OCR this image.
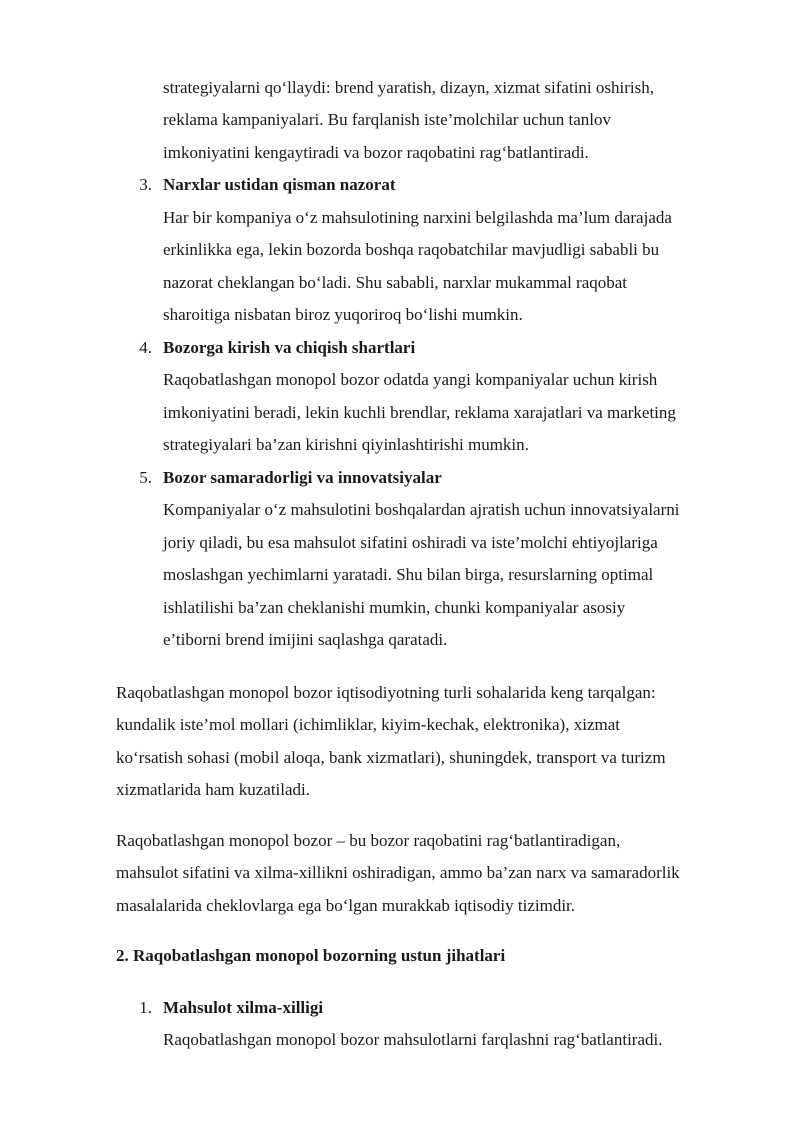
strategiyalarni qo‘llaydi: brend yaratish, dizayn, xizmat sifatini oshirish,
reklama kampaniyalari. Bu farqlanish iste’molchilar uchun tanlov
imkoniyatini kengaytiradi va bozor raqobatini rag‘batlantiradi.
3. Narxlar ustidan qisman nazorat
Har bir kompaniya o‘z mahsulotining narxini belgilashda ma’lum darajada
erkinlikka ega, lekin bozorda boshqa raqobatchilar mavjudligi sababli bu
nazorat cheklangan bo‘ladi. Shu sababli, narxlar mukammal raqobat
sharoitiga nisbatan biroz yuqoriroq bo‘lishi mumkin.
4. Bozorga kirish va chiqish shartlari
Raqobatlashgan monopol bozor odatda yangi kompaniyalar uchun kirish
imkoniyatini beradi, lekin kuchli brendlar, reklama xarajatlari va marketing
strategiyalari ba’zan kirishni qiyinlashtirishi mumkin.
5. Bozor samaradorligi va innovatsiyalar
Kompaniyalar o‘z mahsulotini boshqalardan ajratish uchun innovatsiyalarni
joriy qiladi, bu esa mahsulot sifatini oshiradi va iste’molchi ehtiyojlariga
moslashgan yechimlarni yaratadi. Shu bilan birga, resurslarning optimal
ishlatilishi ba’zan cheklanishi mumkin, chunki kompaniyalar asosiy
e’tiborni brend imijini saqlashga qaratadi.
Raqobatlashgan monopol bozor iqtisodiyotning turli sohalarida keng tarqalgan:
kundalik iste’mol mollari (ichimliklar, kiyim-kechak, elektronika), xizmat
ko‘rsatish sohasi (mobil aloqa, bank xizmatlari), shuningdek, transport va turizm
xizmatlarida ham kuzatiladi.
Raqobatlashgan monopol bozor – bu bozor raqobatini rag‘batlantiradigan,
mahsulot sifatini va xilma-xillikni oshiradigan, ammo ba’zan narx va samaradorlik
masalalarida cheklovlarga ega bo‘lgan murakkab iqtisodiy tizimdir.
2. Raqobatlashgan monopol bozorning ustun jihatlari
1. Mahsulot xilma-xilligi
Raqobatlashgan monopol bozor mahsulotlarni farqlashni rag‘batlantiradi.
